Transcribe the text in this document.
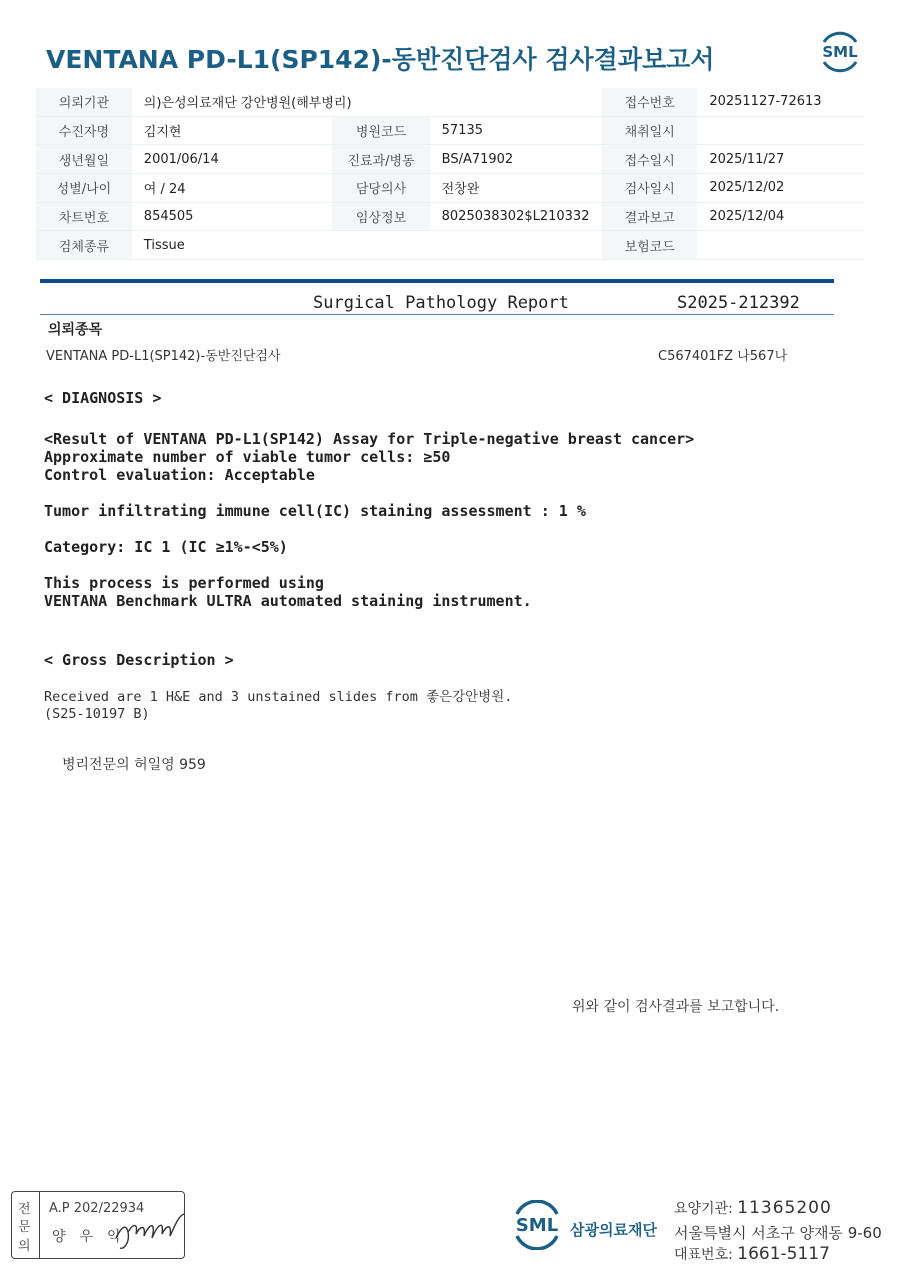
VENTANA PD-L1(SP142)-동반진단검사 검사결과보고서	SML
의뢰기관	의)은성의료재단 강안병원(해부병리)			접수번호	20251127-72613
수진자명	김지현	병원코드	57135	채취일시	
생년월일	2001/06/14	진료과/병동	BS/A71902	접수일시	2025/11/27
성별/나이	여 / 24	담당의사	전창완	검사일시	2025/12/02
차트번호	854505	임상정보	8025038302$L210332	결과보고	2025/12/04
검체종류	Tissue			보험코드	
Surgical Pathology Report	S2025-212392
의뢰종목
VENTANA PD-L1(SP142)-동반진단검사	C567401FZ 나567나
< DIAGNOSIS >
<Result of VENTANA PD-L1(SP142) Assay for Triple-negative breast cancer>
Approximate number of viable tumor cells: ≥50
Control evaluation: Acceptable
Tumor infiltrating immune cell(IC) staining assessment : 1 %
Category: IC 1 (IC ≥1%-<5%)
This process is performed using
VENTANA Benchmark ULTRA automated staining instrument.
< Gross Description >
Received are 1 H&E and 3 unstained slides from 좋은강안병원.
(S25-10197 B)
병리전문의 허일영 959
위와 같이 검사결과를 보고합니다.
전
문
의
A.P 202/22934
양우익
SML 삼광의료재단
요양기관: 11365200
서울특별시 서초구 양재동 9-60
대표번호: 1661-5117
